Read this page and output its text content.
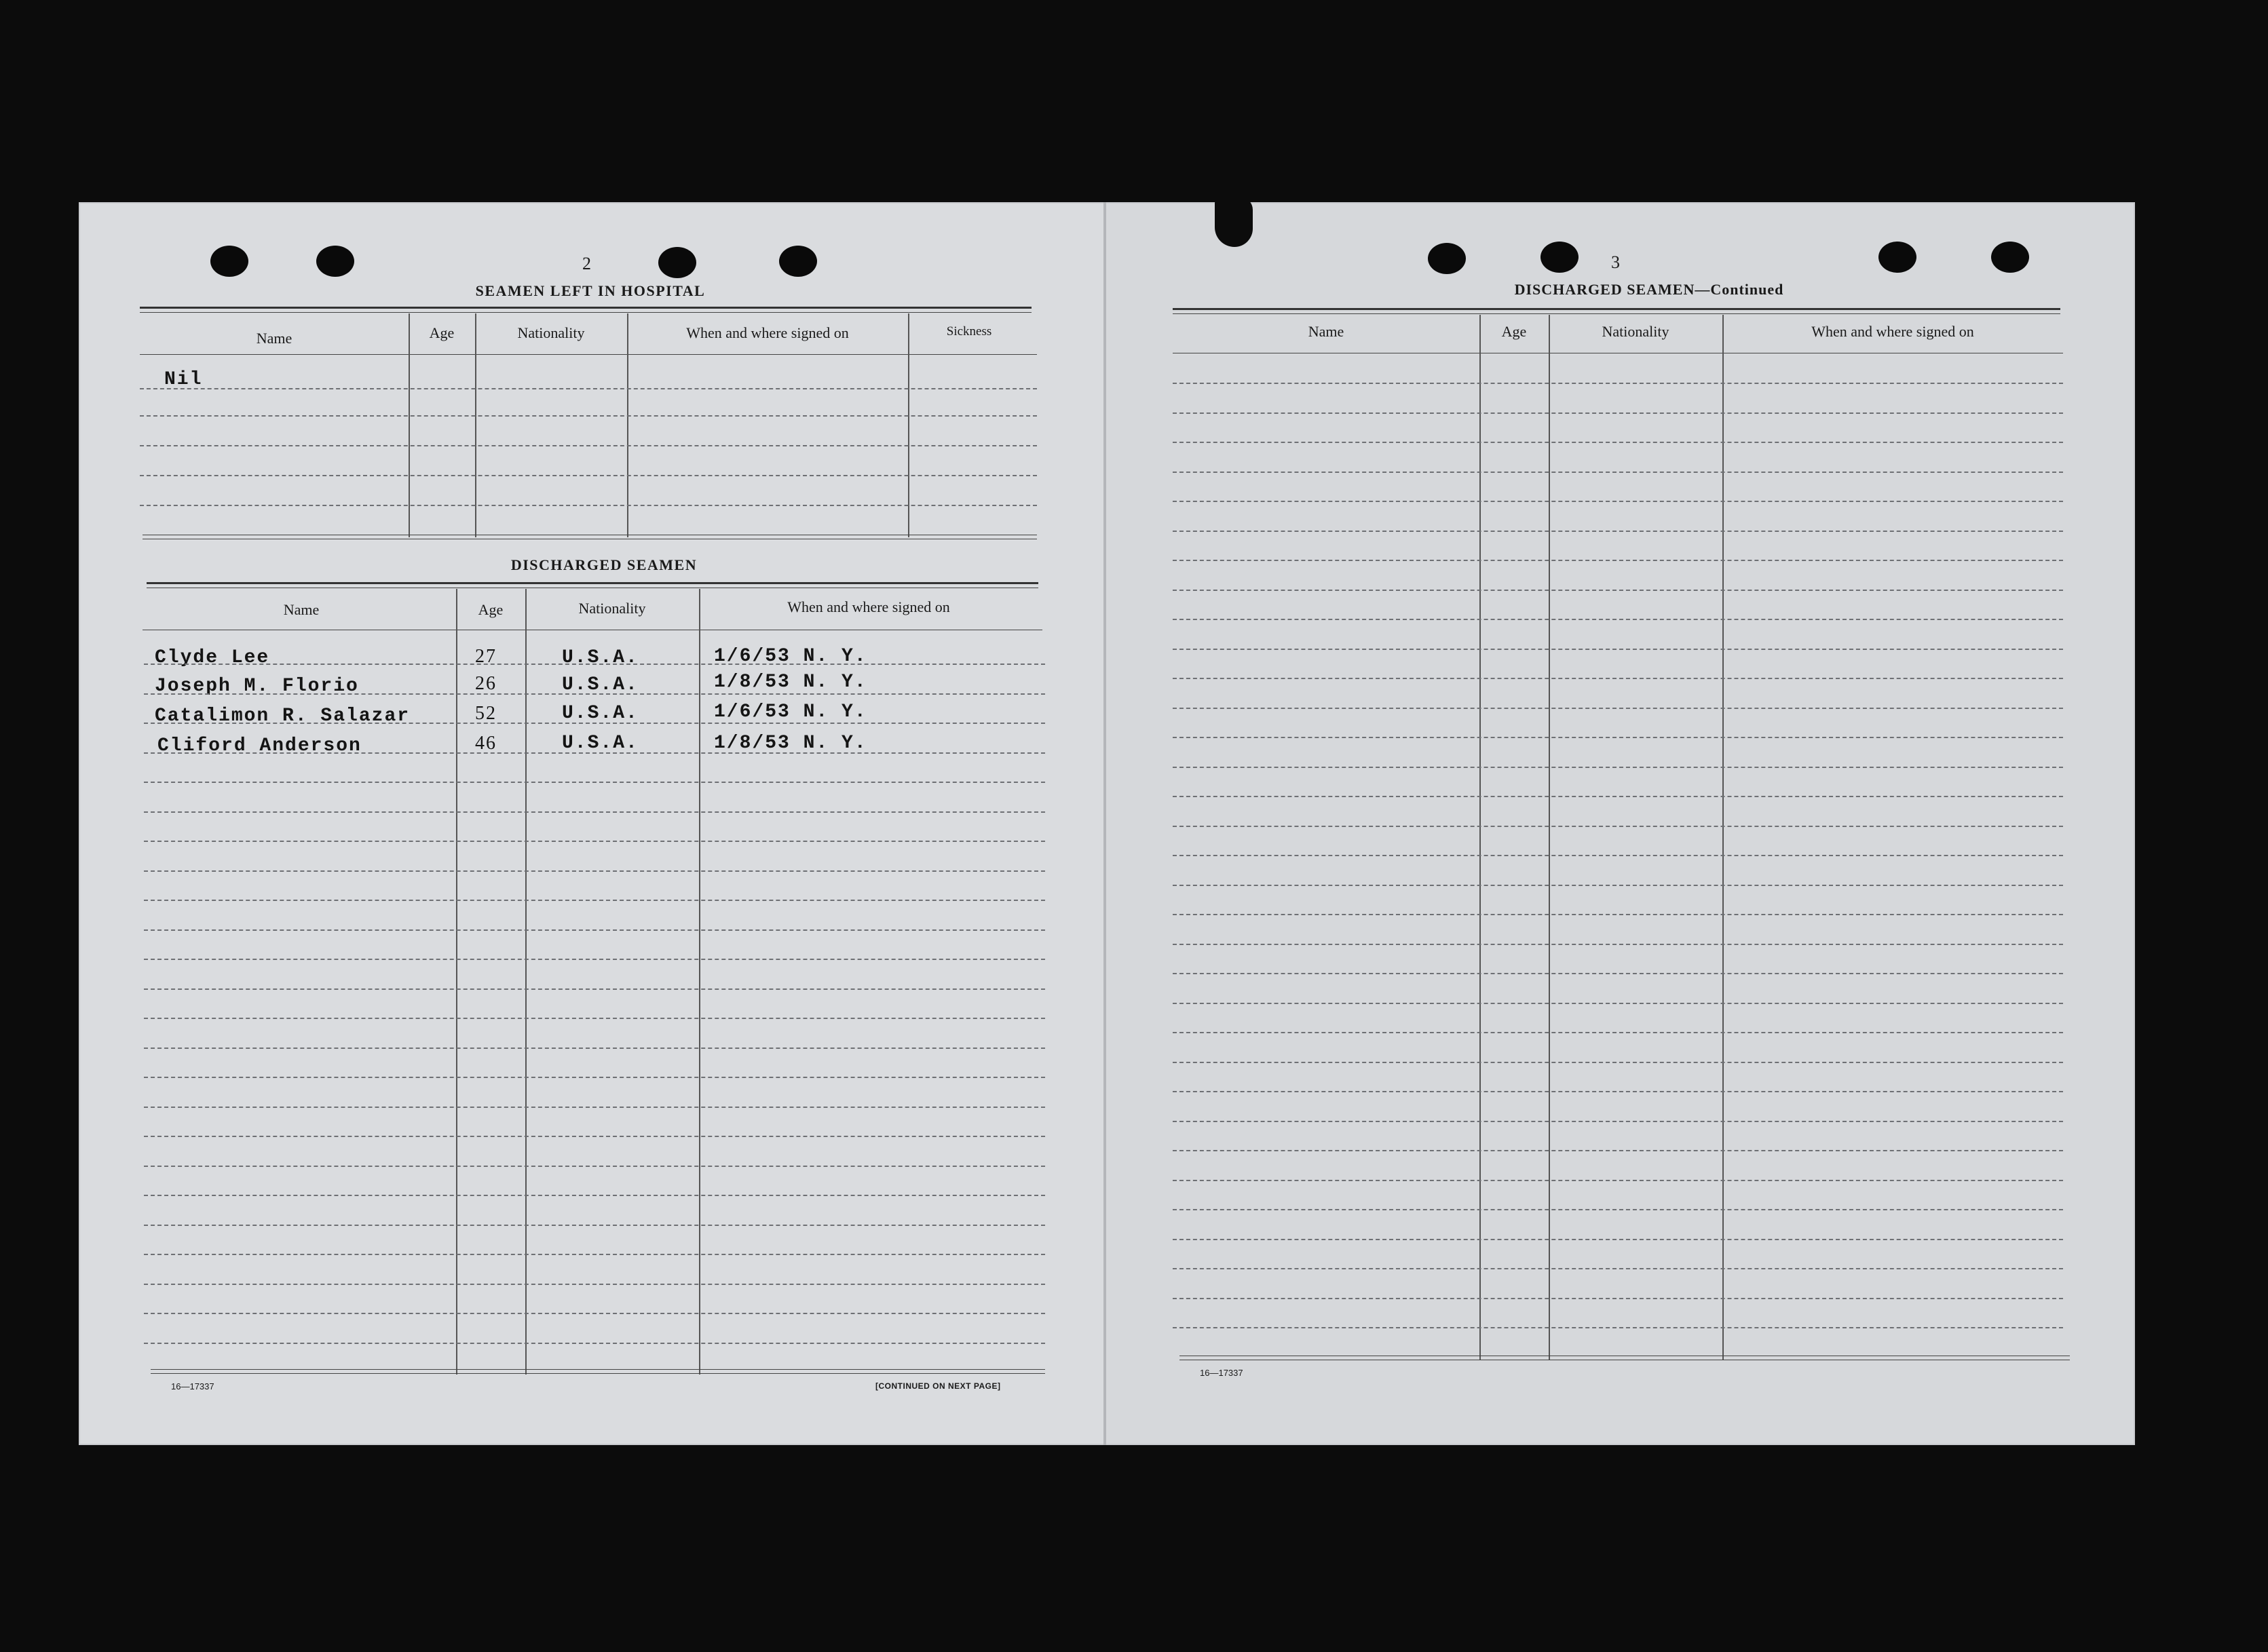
2
SEAMEN LEFT IN HOSPITAL
Name	Age	Nationality	When and where signed on	Sickness
Nil
DISCHARGED SEAMEN
Name	Age	Nationality	When and where signed on
Clyde Lee	27	U.S.A.	1/6/53 N. Y.
Joseph M. Florio	26	U.S.A.	1/8/53 N. Y.
Catalimon R. Salazar	52	U.S.A.	1/6/53 N. Y.
Cliford Anderson	46	U.S.A.	1/8/53 N. Y.
16—17337	[CONTINUED ON NEXT PAGE]
3
DISCHARGED SEAMEN—Continued
Name	Age	Nationality	When and where signed on
16—17337
